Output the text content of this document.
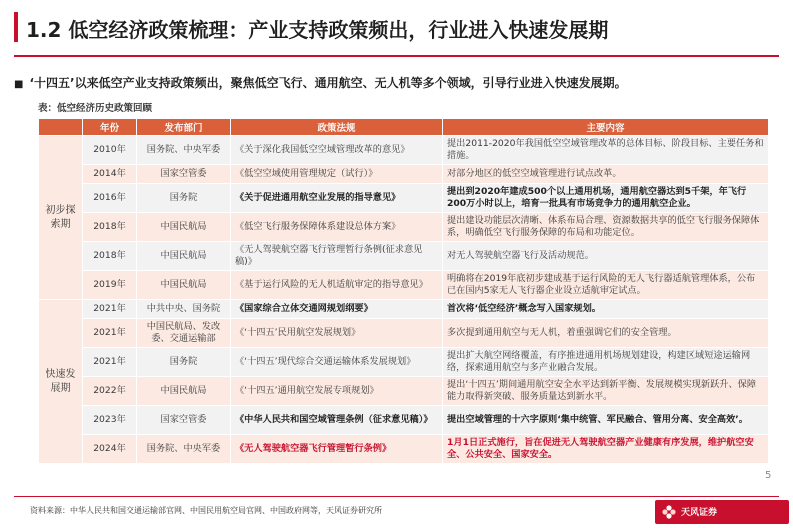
1.2 低空经济政策梳理：产业支持政策频出，行业进入快速发展期
■ ‘十四五’以来低空产业支持政策频出，聚焦低空飞行、通用航空、无人机等多个领域，引导行业进入快速发展期。
表：低空经济历史政策回顾
	年份	发布部门	政策法规	主要内容
初步探索期	2010年	国务院、中央军委	《关于深化我国低空空域管理改革的意见》	提出2011-2020年我国低空空域管理改革的总体目标、阶段目标、主要任务和措施。
	2014年	国家空管委	《低空空域使用管理规定（试行）》	对部分地区的低空空域管理进行试点改革。
	2016年	国务院	《关于促进通用航空业发展的指导意见》	提出到2020年建成500个以上通用机场，通用航空器达到5千架，年飞行200万小时以上，培育一批具有市场竞争力的通用航空企业。
	2018年	中国民航局	《低空飞行服务保障体系建设总体方案》	提出建设功能层次清晰、体系布局合理、资源数据共享的低空飞行服务保障体系，明确低空飞行服务保障的布局和功能定位。
	2018年	中国民航局	《无人驾驶航空器飞行管理暂行条例(征求意见稿)》	对无人驾驶航空器飞行及活动规范。
	2019年	中国民航局	《基于运行风险的无人机适航审定的指导意见》	明确将在2019年底初步建成基于运行风险的无人飞行器适航管理体系，公布已在国内5家无人飞行器企业设立适航审定试点。
快速发展期	2021年	中共中央、国务院	《国家综合立体交通网规划纲要》	首次将‘低空经济’概念写入国家规划。
	2021年	中国民航局、发改委、交通运输部	《‘十四五’民用航空发展规划》	多次提到通用航空与无人机，着重强调它们的安全管理。
	2021年	国务院	《‘十四五’现代综合交通运输体系发展规划》	提出扩大航空网络覆盖，有序推进通用机场规划建设，构建区域短途运输网络，探索通用航空与多产业融合发展。
	2022年	中国民航局	《‘十四五’通用航空发展专项规划》	提出‘十四五’期间通用航空安全水平达到新平衡、发展规模实现新跃升、保障能力取得新突破、服务质量达到新水平。
	2023年	国家空管委	《中华人民共和国空域管理条例（征求意见稿）》	提出空域管理的十六字原则‘集中统管、军民融合、管用分离、安全高效’。
	2024年	国务院、中央军委	《无人驾驶航空器飞行管理暂行条例》	1月1日正式施行，旨在促进无人驾驶航空器产业健康有序发展，维护航空安全、公共安全、国家安全。
5
资料来源：中华人民共和国交通运输部官网、中国民用航空局官网、中国政府网等，天风证券研究所	天风证券
